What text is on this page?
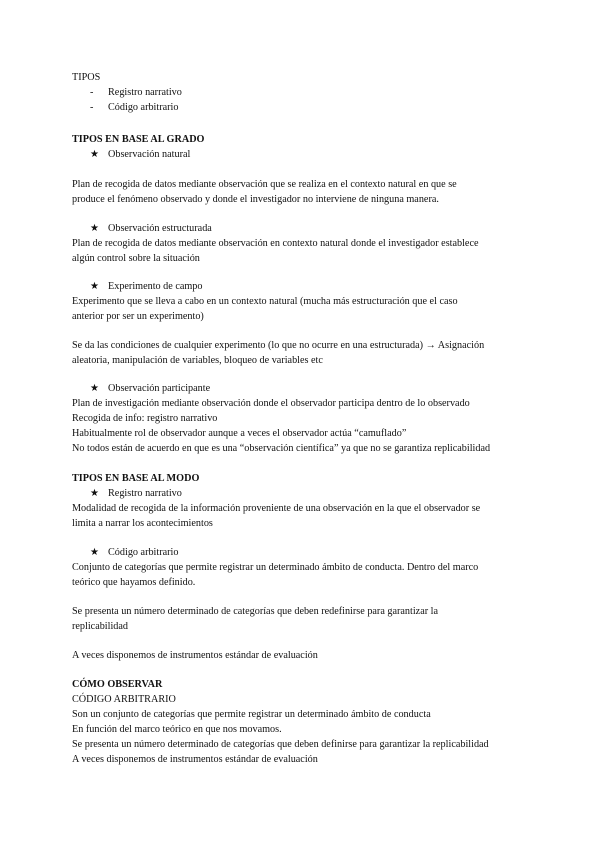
TIPOS
- Registro narrativo
- Código arbitrario
TIPOS EN BASE AL GRADO
★ Observación natural
Plan de recogida de datos mediante observación que se realiza en el contexto natural en que se
produce el fenómeno observado y donde el investigador no interviene de ninguna manera.
★ Observación estructurada
Plan de recogida de datos mediante observación en contexto natural donde el investigador establece
algún control sobre la situación
★ Experimento de campo
Experimento que se lleva a cabo en un contexto natural (mucha más estructuración que el caso
anterior por ser un experimento)
Se da las condiciones de cualquier experimento (lo que no ocurre en una estructurada) → Asignación
aleatoria, manipulación de variables, bloqueo de variables etc
★ Observación participante
Plan de investigación mediante observación donde el observador participa dentro de lo observado
Recogida de info: registro narrativo
Habitualmente rol de observador aunque a veces el observador actúa “camuflado”
No todos están de acuerdo en que es una “observación científica” ya que no se garantiza replicabilidad
TIPOS EN BASE AL MODO
★ Registro narrativo
Modalidad de recogida de la información proveniente de una observación en la que el observador se
limita a narrar los acontecimientos
★ Código arbitrario
Conjunto de categorías que permite registrar un determinado ámbito de conducta. Dentro del marco
teórico que hayamos definido.
Se presenta un número determinado de categorías que deben redefinirse para garantizar la
replicabilidad
A veces disponemos de instrumentos estándar de evaluación
CÓMO OBSERVAR
CÓDIGO ARBITRARIO
Son un conjunto de categorías que permite registrar un determinado ámbito de conducta
En función del marco teórico en que nos movamos.
Se presenta un número determinado de categorías que deben definirse para garantizar la replicabilidad
A veces disponemos de instrumentos estándar de evaluación
